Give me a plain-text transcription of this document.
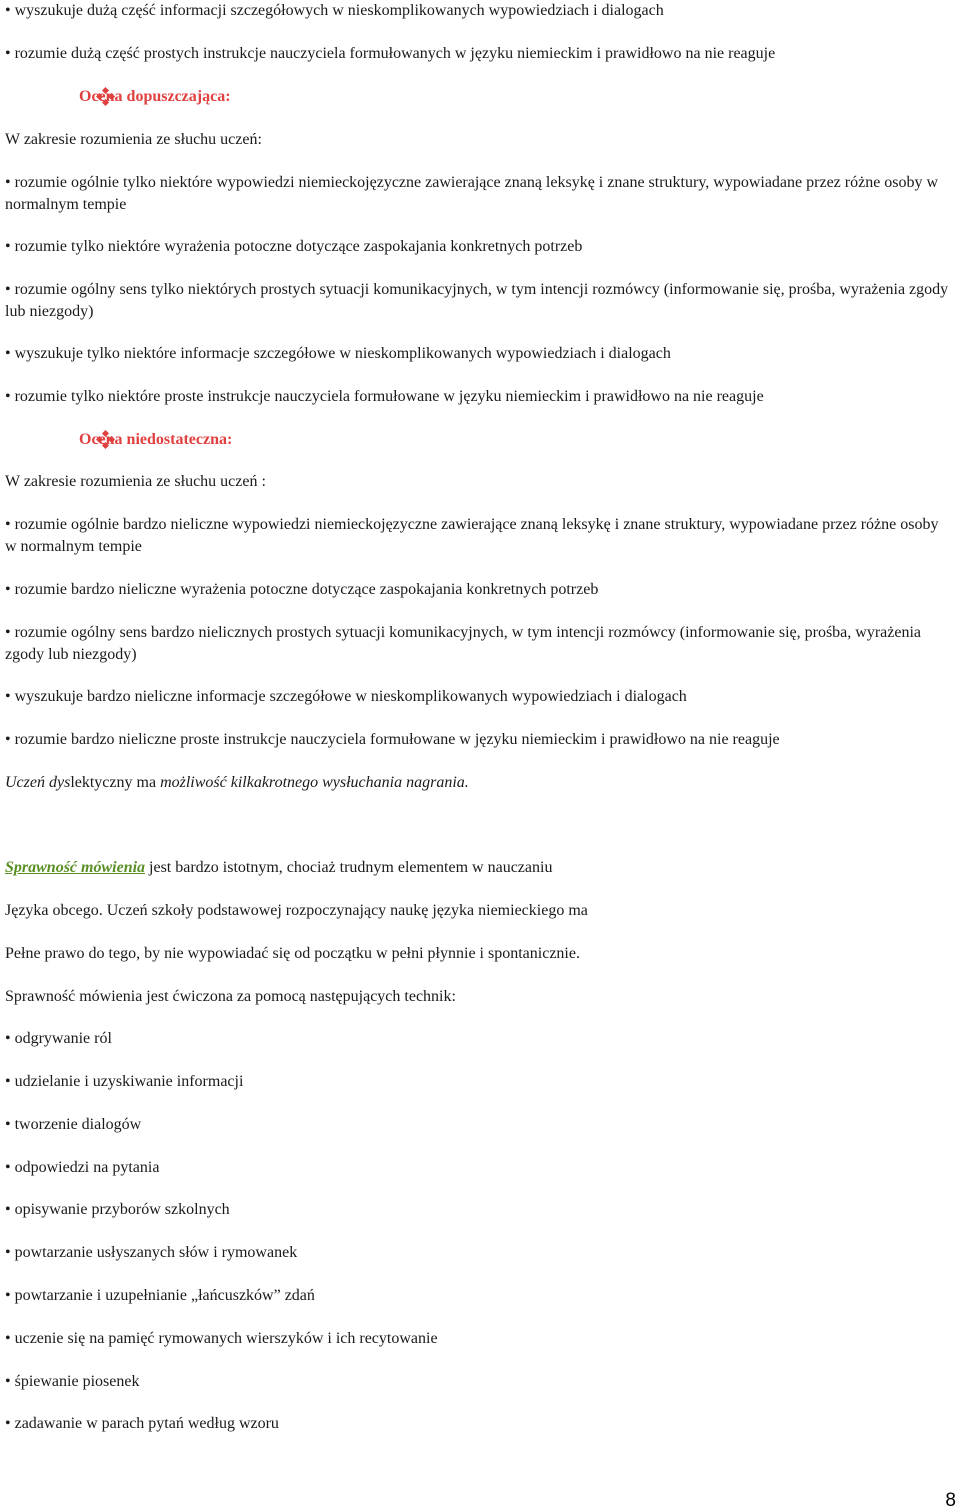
• wyszukuje dużą część informacji szczegółowych w nieskomplikowanych wypowiedziach i dialogach

• rozumie dużą część prostych instrukcje nauczyciela formułowanych w języku niemieckim i prawidłowo na nie reaguje

Ocena dopuszczająca:

W zakresie rozumienia ze słuchu uczeń:

• rozumie ogólnie tylko niektóre wypowiedzi niemieckojęzyczne zawierające znaną leksykę i znane struktury, wypowiadane przez różne osoby w normalnym tempie

• rozumie tylko niektóre wyrażenia potoczne dotyczące zaspokajania konkretnych potrzeb

• rozumie ogólny sens tylko niektórych prostych sytuacji komunikacyjnych, w tym intencji rozmówcy (informowanie się, prośba, wyrażenia zgody lub niezgody)

• wyszukuje tylko niektóre informacje szczegółowe w nieskomplikowanych wypowiedziach i dialogach

• rozumie tylko niektóre proste instrukcje nauczyciela formułowane w języku niemieckim i prawidłowo na nie reaguje

Ocena niedostateczna:

W zakresie rozumienia ze słuchu uczeń :

• rozumie ogólnie bardzo nieliczne wypowiedzi niemieckojęzyczne zawierające znaną leksykę i znane struktury, wypowiadane przez różne osoby w normalnym tempie

• rozumie bardzo nieliczne wyrażenia potoczne dotyczące zaspokajania konkretnych potrzeb

• rozumie ogólny sens bardzo nielicznych prostych sytuacji komunikacyjnych, w tym intencji rozmówcy (informowanie się, prośba, wyrażenia zgody lub niezgody)

• wyszukuje bardzo nieliczne informacje szczegółowe w nieskomplikowanych wypowiedziach i dialogach

• rozumie bardzo nieliczne proste instrukcje nauczyciela formułowane w języku niemieckim i prawidłowo na nie reaguje

Uczeń dyslektyczny ma możliwość kilkakrotnego wysłuchania nagrania.

Sprawność mówienia jest bardzo istotnym, chociaż trudnym elementem w nauczaniu

Języka obcego. Uczeń szkoły podstawowej rozpoczynający naukę języka niemieckiego ma

Pełne prawo do tego, by nie wypowiadać się od początku w pełni płynnie i spontanicznie.

Sprawność mówienia jest ćwiczona za pomocą następujących technik:

• odgrywanie ról

• udzielanie i uzyskiwanie informacji

• tworzenie dialogów

• odpowiedzi na pytania

• opisywanie przyborów szkolnych

• powtarzanie usłyszanych słów i rymowanek

• powtarzanie i uzupełnianie „łańcuszków” zdań

• uczenie się na pamięć rymowanych wierszyków i ich recytowanie

• śpiewanie piosenek

• zadawanie w parach pytań według wzoru

8
